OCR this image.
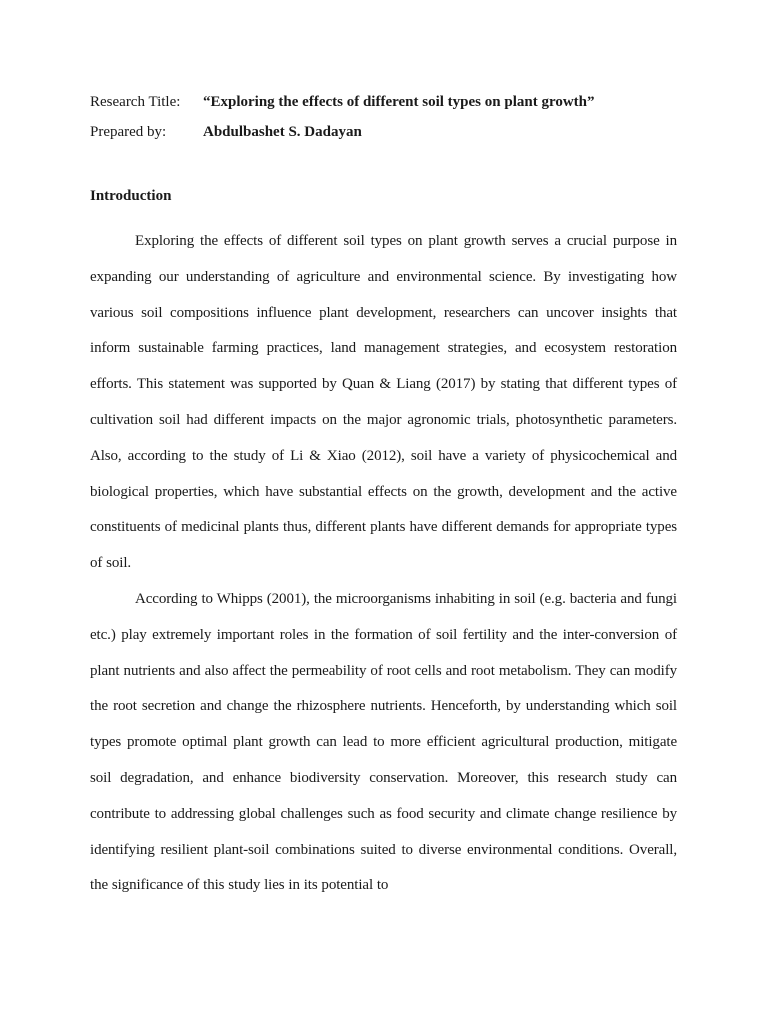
Research Title:	“Exploring the effects of different soil types on plant growth”
Prepared by:	Abdulbashet S. Dadayan
Introduction

Exploring the effects of different soil types on plant growth serves a crucial purpose in expanding our understanding of agriculture and environmental science. By investigating how various soil compositions influence plant development, researchers can uncover insights that inform sustainable farming practices, land management strategies, and ecosystem restoration efforts. This statement was supported by Quan & Liang (2017) by stating that different types of cultivation soil had different impacts on the major agronomic trials, photosynthetic parameters. Also, according to the study of Li & Xiao (2012), soil have a variety of physicochemical and biological properties, which have substantial effects on the growth, development and the active constituents of medicinal plants thus, different plants have different demands for appropriate types of soil.

According to Whipps (2001), the microorganisms inhabiting in soil (e.g. bacteria and fungi etc.) play extremely important roles in the formation of soil fertility and the inter-conversion of plant nutrients and also affect the permeability of root cells and root metabolism. They can modify the root secretion and change the rhizosphere nutrients. Henceforth, by understanding which soil types promote optimal plant growth can lead to more efficient agricultural production, mitigate soil degradation, and enhance biodiversity conservation. Moreover, this research study can contribute to addressing global challenges such as food security and climate change resilience by identifying resilient plant-soil combinations suited to diverse environmental conditions. Overall, the significance of this study lies in its potential to
